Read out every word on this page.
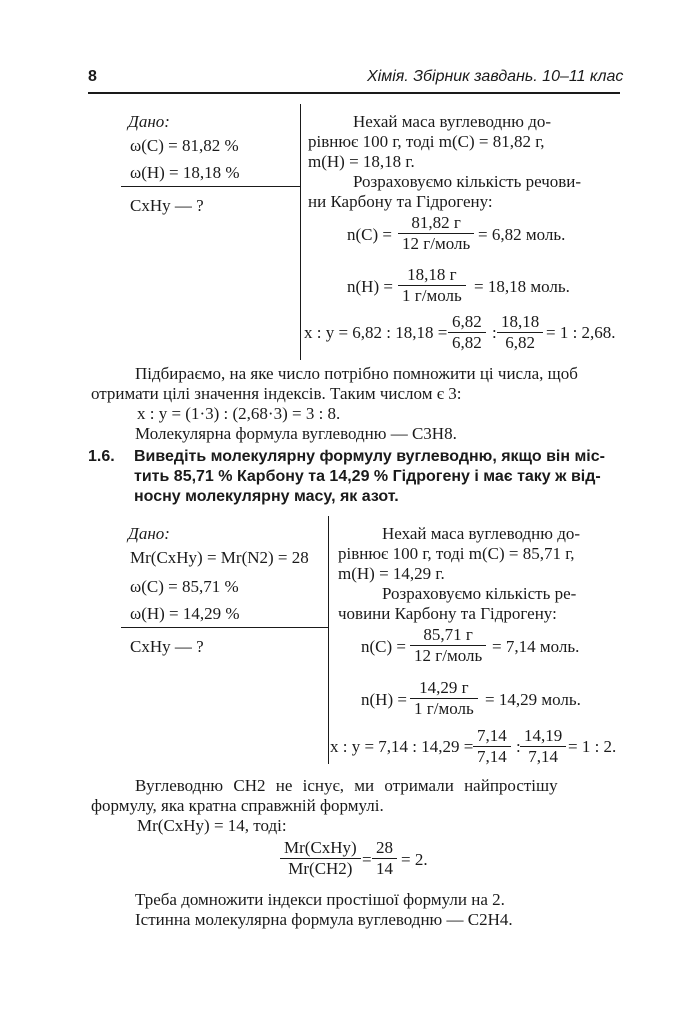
8	Хімія. Збірник завдань. 10–11 клас
Дано:
ω(C) = 81,82 %
ω(H) = 18,18 %
CxHy — ?
Нехай маса вуглеводню до-
рівнює 100 г, тоді m(C) = 81,82 г,
m(H) = 18,18 г.
Розраховуємо кількість речови-
ни Карбону та Гідрогену:
n(C) =
81,82 г
12 г/моль = 6,82 моль.
n(H) =
18,18 г
1 г/моль = 18,18 моль.
x : y = 6,82 : $18,18 = \frac{6,82}{6,82}$ : $\frac{18,18}{6,82} = 1$ : 2,68.
Підбираємо, на яке число потрібно помножити ці числа, щоб
отримати цілі значення індексів. Таким числом є 3:
x : y = (1·3) : (2,68·3) = 3 : 8.
Молекулярна формула вуглеводню — C3H8.
1.6. Виведіть молекулярну формулу вуглеводню, якщо він міс-
тить 85,71 % Карбону та 14,29 % Гідрогену і має таку ж від-
носну молекулярну масу, як азот.
Дано:
Mr(CxHy) = Mr(N2) = 28
ω(C) = 85,71 %
ω(H) = 14,29 %
CxHy — ?
Нехай маса вуглеводню до-
рівнює 100 г, тоді m(C) = 85,71 г,
m(H) = 14,29 г.
Розраховуємо кількість ре-
човини Карбону та Гідрогену:
n(C) =
85,71 г
12 г/моль = 7,14 моль.
n(H) =
14,29 г
1 г/моль = 14,29 моль.
x : y = 7,14 : $14,29 = \frac{7,14}{7,14}$ : $\frac{14,19}{7,14} = 1$ : 2.
Вуглеводню CH2 не існує, ми отримали найпростішу
формулу, яка кратна справжній формулі.
Mr(CxHy) = 14, тоді:
Mr(CxHy)
$Mr(CH2) = \frac{28}{14} = 2$.
Треба домножити індекси простішої формули на 2.
Істинна молекулярна формула вуглеводню — C2H4.
